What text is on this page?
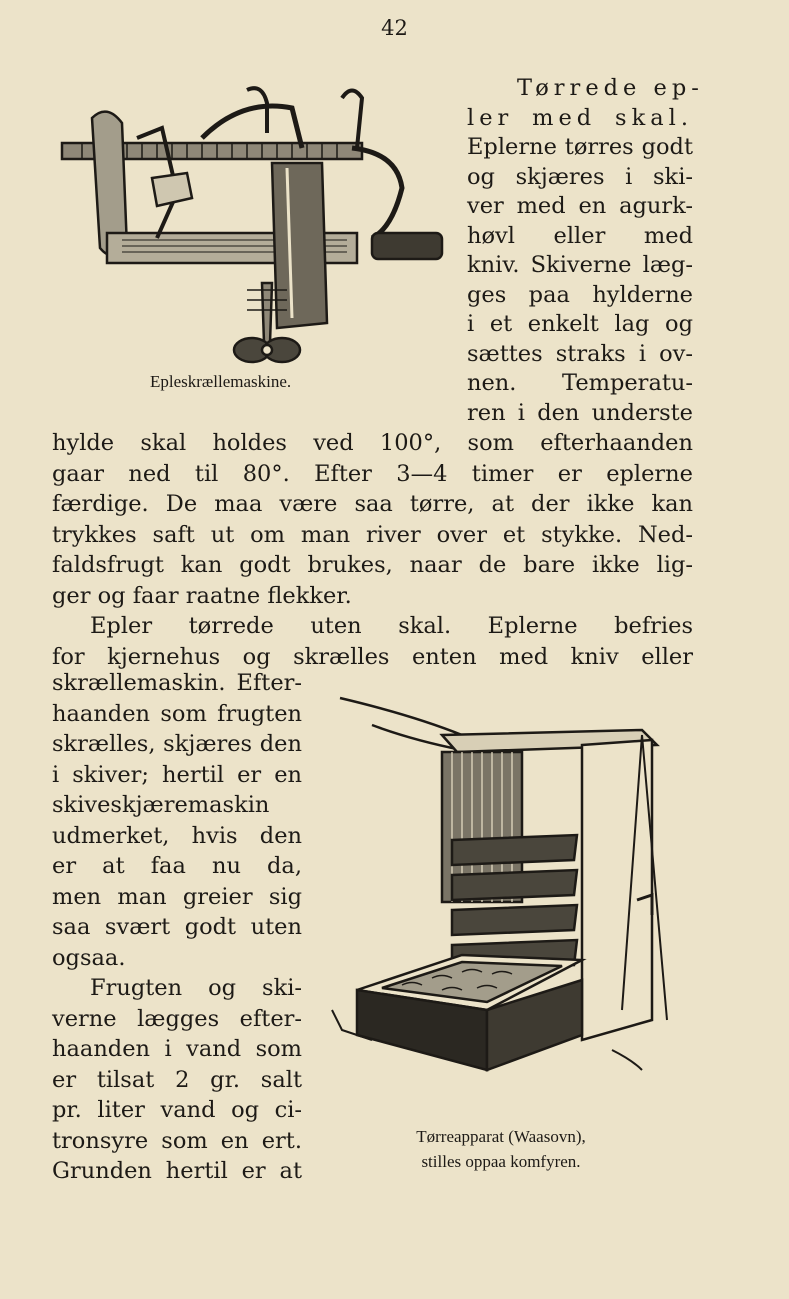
42
Epleskrællemaskine.
Tørrede ep-
ler med skal.
Eplerne tørres godt
og skjæres i ski-
ver med en agurk-
høvl eller med
kniv. Skiverne læg-
ges paa hylderne
i et enkelt lag og
sættes straks i ov-
nen. Temperatu-
ren i den underste
hylde skal holdes ved 100°, som efterhaanden
gaar ned til 80°. Efter 3—4 timer er eplerne
færdige. De maa være saa tørre, at der ikke kan
trykkes saft ut om man river over et stykke. Ned-
faldsfrugt kan godt brukes, naar de bare ikke lig-
ger og faar raatne flekker.
Epler tørrede uten skal. Eplerne befries
for kjernehus og skrælles enten med kniv eller
skrællemaskin. Efter-
haanden som frugten
skrælles, skjæres den
i skiver; hertil er en
skiveskjæremaskin
udmerket, hvis den
er at faa nu da,
men man greier sig
saa svært godt uten
ogsaa.
Frugten og ski-
verne lægges efter-
haanden i vand som
er tilsat 2 gr. salt
pr. liter vand og ci-
tronsyre som en ert.
Grunden hertil er at
Tørreapparat (Waasovn),
stilles oppaa komfyren.
